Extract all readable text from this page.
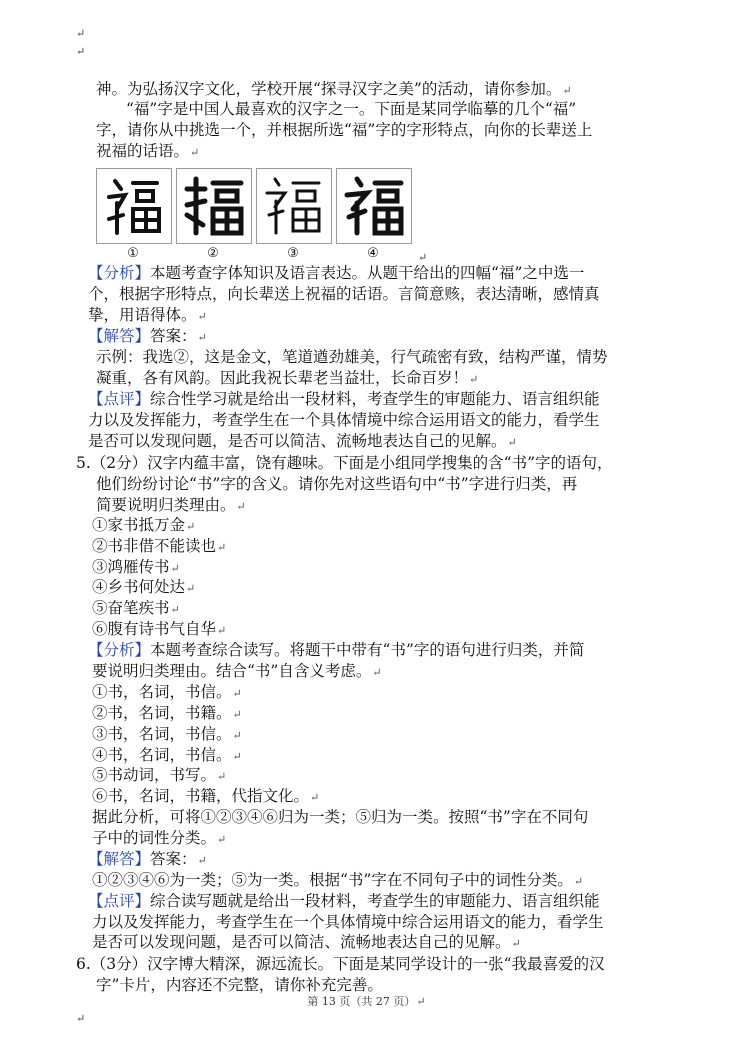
↵
↵
神。为弘扬汉字文化，学校开展“探寻汉字之美”的活动，请你参加。↵
“福”字是中国人最喜欢的汉字之一。下面是某同学临摹的几个“福”
字，请你从中挑选一个，并根据所选“福”字的字形特点，向你的长辈送上
祝福的话语。↵
①	②	③	④	↵
【分析】本题考查字体知识及语言表达。从题干给出的四幅“福”之中选一
个，根据字形特点，向长辈送上祝福的话语。言简意赅，表达清晰，感情真
挚，用语得体。↵
【解答】答案：↵
示例：我选②，这是金文，笔道遒劲雄美，行气疏密有致，结构严谨，情势
凝重，各有风韵。因此我祝长辈老当益壮，长命百岁！↵
【点评】综合性学习就是给出一段材料，考查学生的审题能力、语言组织能
力以及发挥能力，考查学生在一个具体情境中综合运用语文的能力，看学生
是否可以发现问题，是否可以简洁、流畅地表达自己的见解。↵
5.（2分）汉字内蕴丰富，饶有趣味。下面是小组同学搜集的含“书”字的语句，
他们纷纷讨论“书”字的含义。请你先对这些语句中“书”字进行归类，再
简要说明归类理由。↵
①家书抵万金↵
②书非借不能读也↵
③鸿雁传书↵
④乡书何处达↵
⑤奋笔疾书↵
⑥腹有诗书气自华↵
【分析】本题考查综合读写。将题干中带有“书”字的语句进行归类，并简
要说明归类理由。结合“书”自含义考虑。↵
①书，名词，书信。↵
②书，名词，书籍。↵
③书，名词，书信。↵
④书，名词，书信。↵
⑤书动词，书写。↵
⑥书，名词，书籍，代指文化。↵
据此分析，可将①②③④⑥归为一类；⑤归为一类。按照“书”字在不同句
子中的词性分类。↵
【解答】答案：↵
①②③④⑥为一类；⑤为一类。根据“书”字在不同句子中的词性分类。↵
【点评】综合读写题就是给出一段材料，考查学生的审题能力、语言组织能
力以及发挥能力，考查学生在一个具体情境中综合运用语文的能力，看学生
是否可以发现问题，是否可以简洁、流畅地表达自己的见解。↵
6.（3分）汉字博大精深，源远流长。下面是某同学设计的一张“我最喜爱的汉
字”卡片，内容还不完整，请你补充完善。
第 13 页（共 27 页）↵
↵
